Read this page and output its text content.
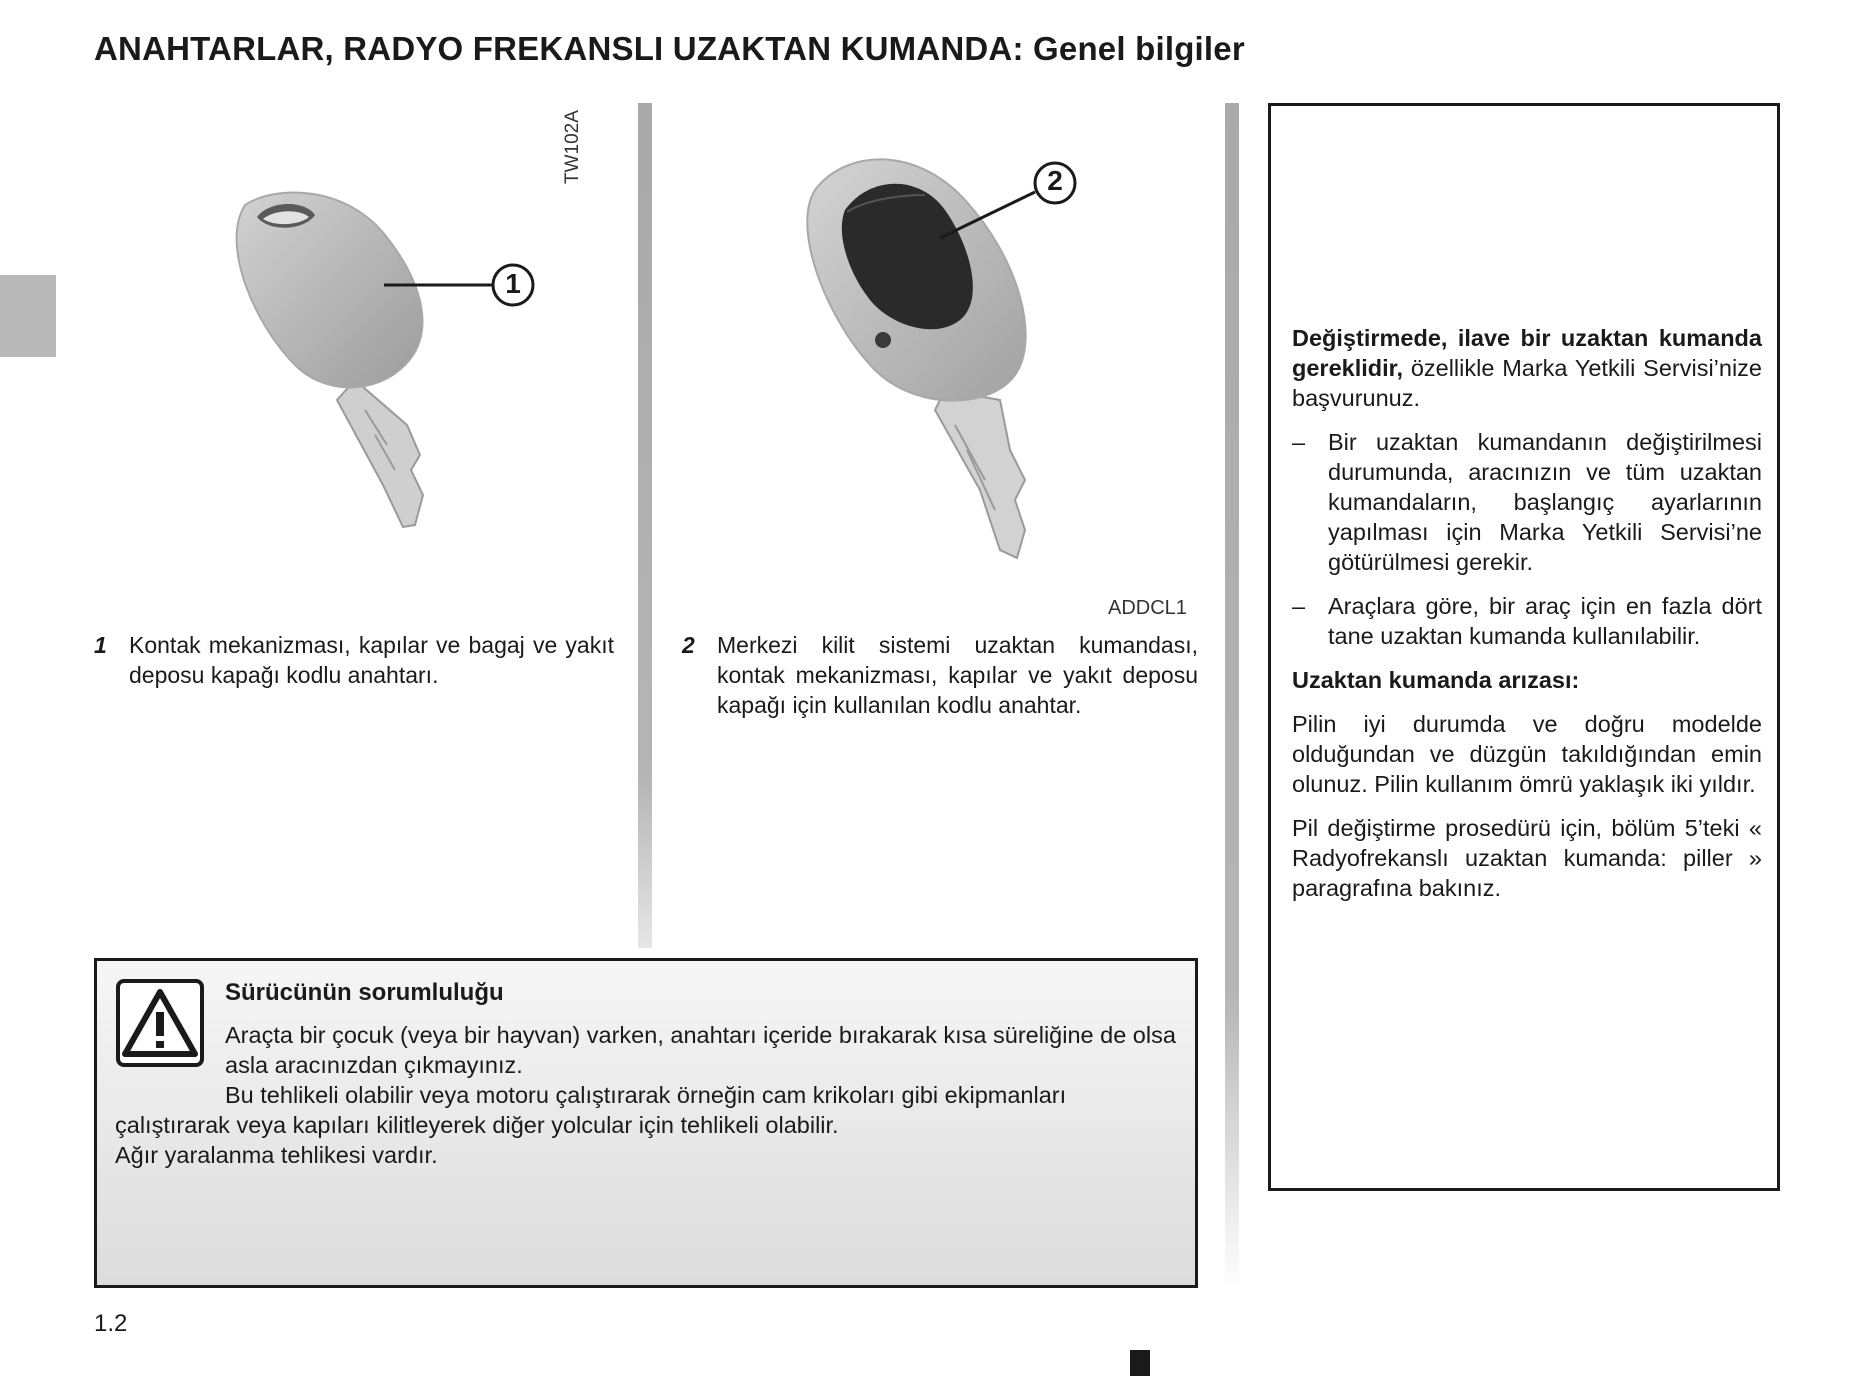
ANAHTARLAR, RADYO FREKANSLI UZAKTAN KUMANDA: Genel bilgiler
1
TW102A	2
ADDCL1
1 Kontak mekanizması, kapılar ve bagaj ve yakıt deposu kapağı kodlu anahtarı.
2 Merkezi kilit sistemi uzaktan kumandası, kontak mekanizması, kapılar ve yakıt deposu kapağı için kullanılan kodlu anahtar.

Değiştirmede, ilave bir uzaktan kumanda gereklidir, özellikle Marka Yetkili Servisi’nize başvurunuz.

– Bir uzaktan kumandanın değiştirilmesi durumunda, aracınızın ve tüm uzaktan kumandaların, başlangıç ayarlarının yapılması için Marka Yetkili Servisi’ne götürülmesi gerekir.
– Araçlara göre, bir araç için en fazla dört tane uzaktan kumanda kullanılabilir.
Uzaktan kumanda arızası:

Pilin iyi durumda ve doğru modelde olduğundan ve düzgün takıldığından emin olunuz. Pilin kullanım ömrü yaklaşık iki yıldır.

Pil değiştirme prosedürü için, bölüm 5’teki « Radyofrekanslı uzaktan kumanda: piller » paragrafına bakınız.

Sürücünün sorumluluğu
Araçta bir çocuk (veya bir hayvan) varken, anahtarı içeride bırakarak kısa süreliğine de olsa asla aracınızdan çıkmayınız.
Bu tehlikeli olabilir veya motoru çalıştırarak örneğin cam krikoları gibi ekipmanları çalıştırarak veya kapıları kilitleyerek diğer yolcular için tehlikeli olabilir.
Ağır yaralanma tehlikesi vardır.
1.2
